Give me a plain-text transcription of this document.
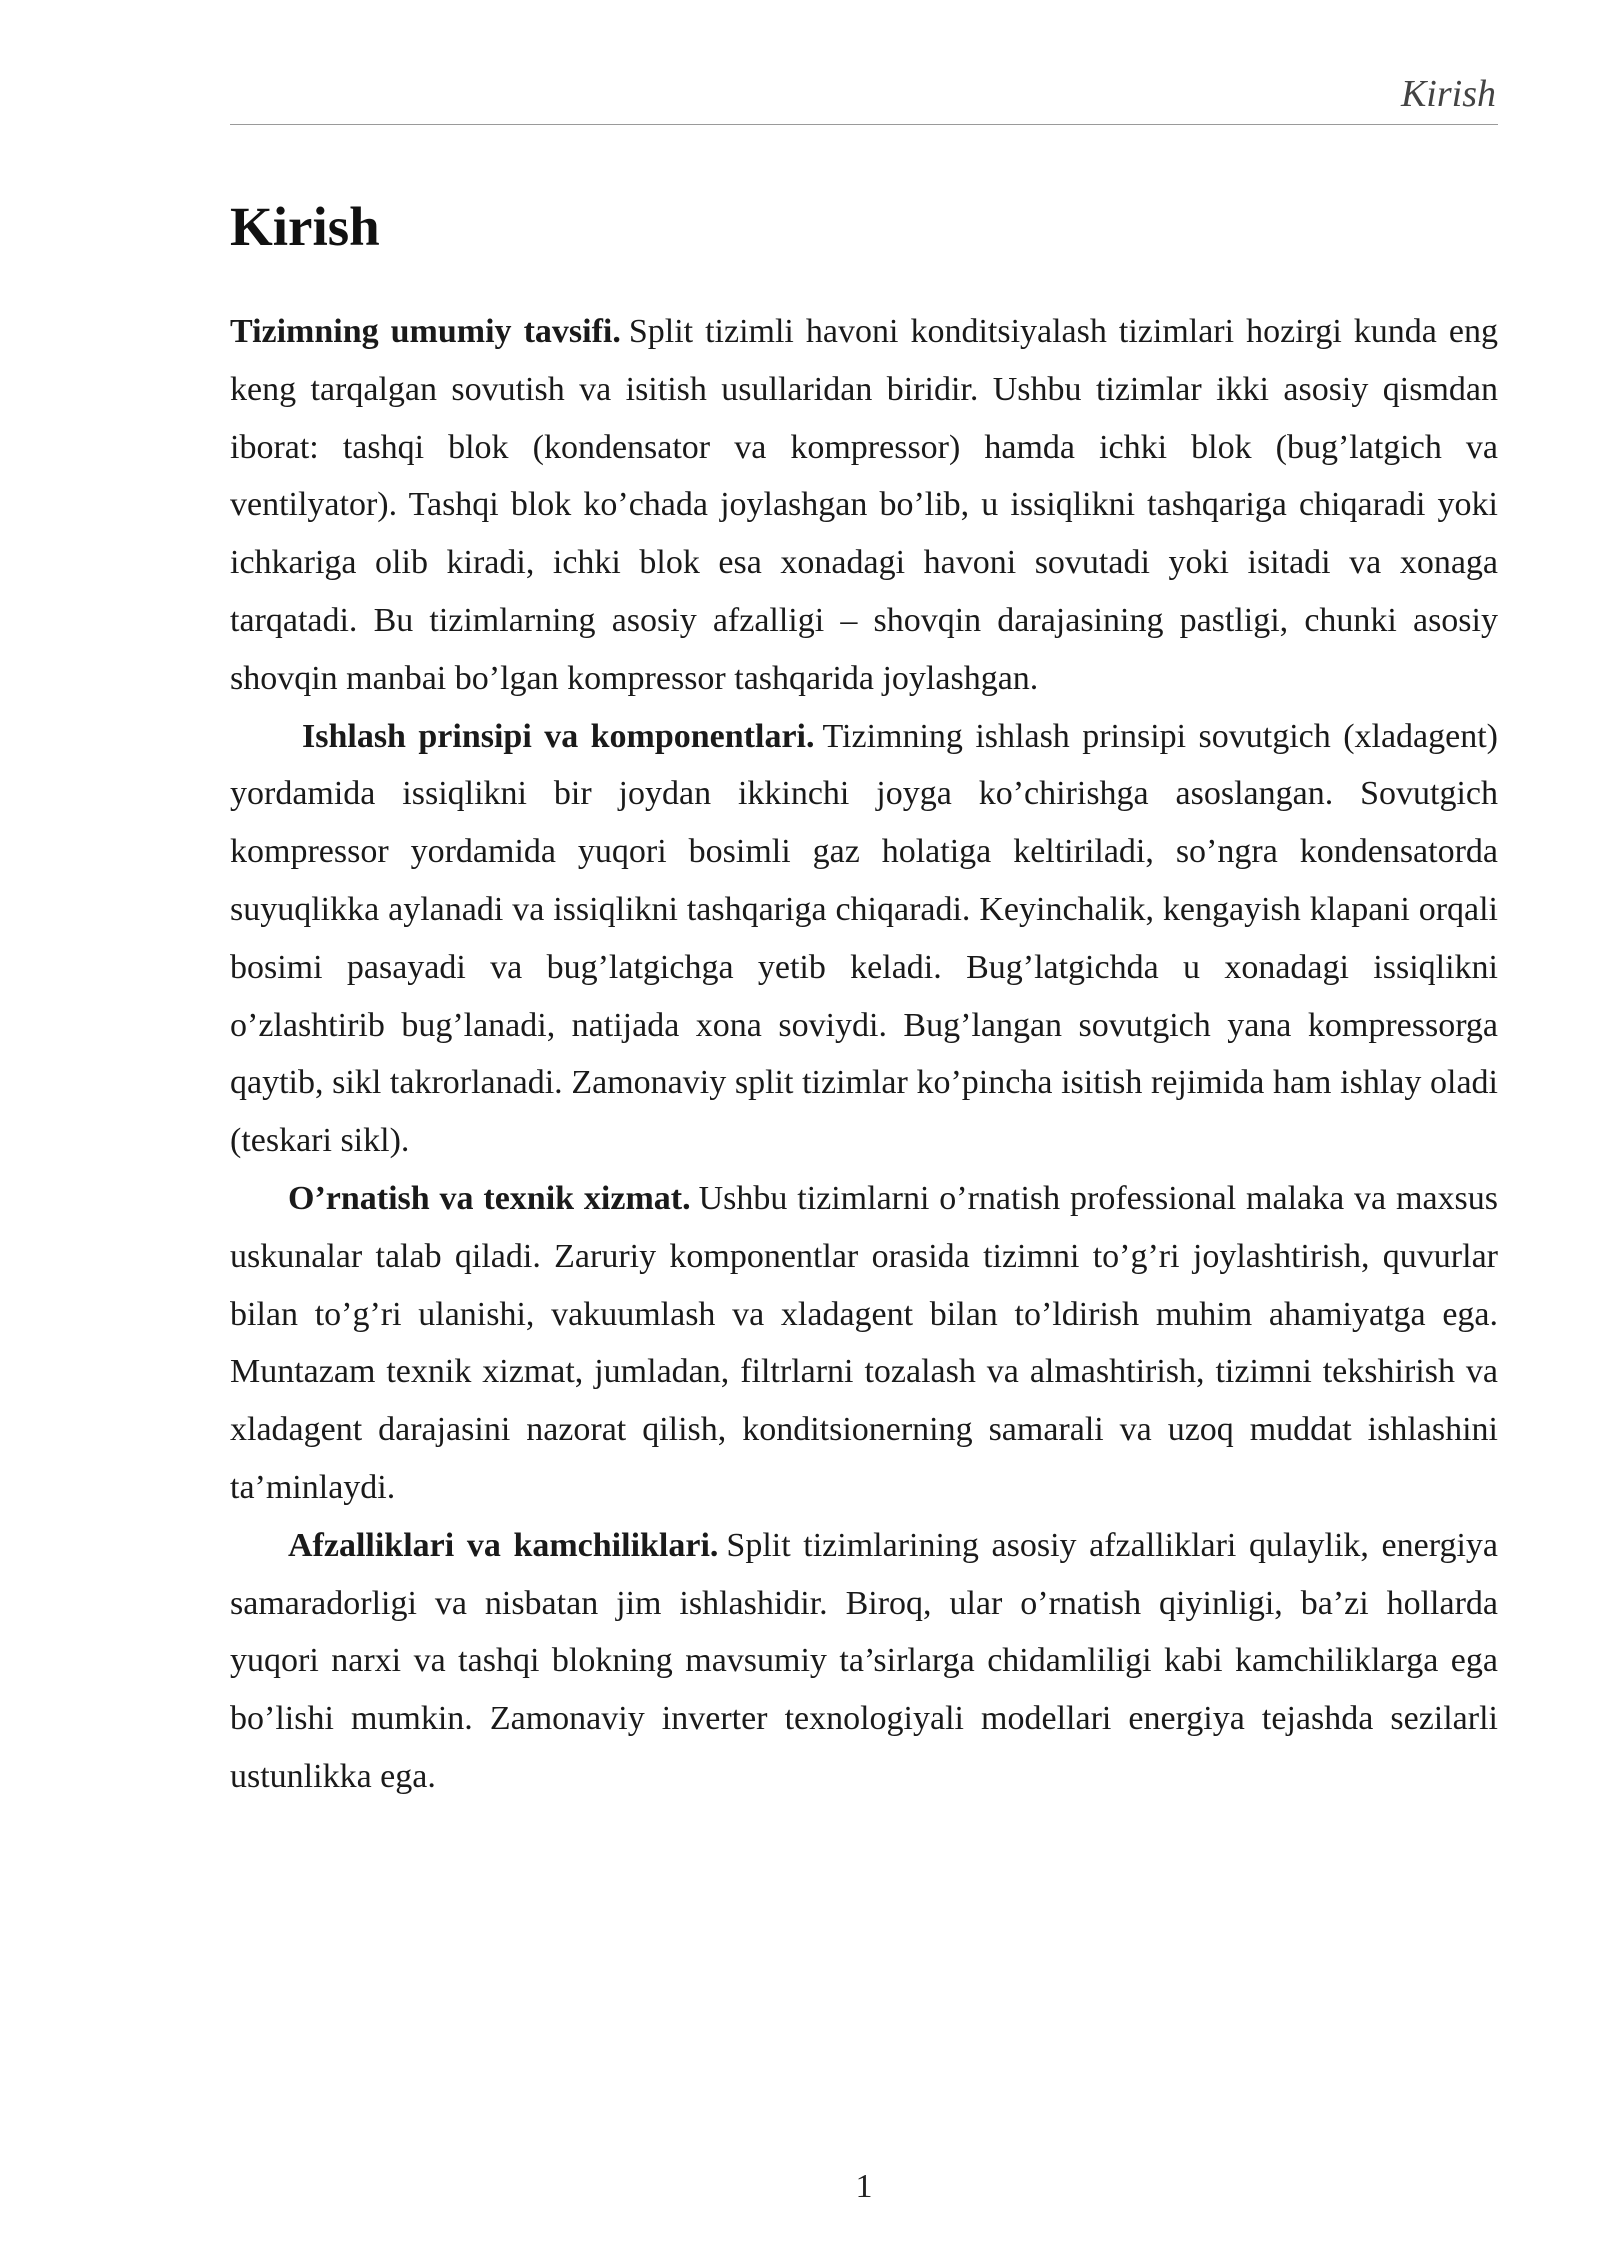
Kirish
Kirish

Tizimning umumiy tavsifi. Split tizimli havoni konditsiyalash tizimlari hozirgi kunda eng keng tarqalgan sovutish va isitish usullaridan biridir. Ushbu tizimlar ikki asosiy qismdan iborat: tashqi blok (kondensator va kompressor) hamda ichki blok (bug’latgich va ventilyator). Tashqi blok ko’chada joylashgan bo’lib, u issiqlikni tashqariga chiqaradi yoki ichkariga olib kiradi, ichki blok esa xonadagi havoni sovutadi yoki isitadi va xonaga tarqatadi. Bu tizimlarning asosiy afzalligi – shovqin darajasining pastligi, chunki asosiy shovqin manbai bo’lgan kompressor tashqarida joylashgan.

Ishlash prinsipi va komponentlari. Tizimning ishlash prinsipi sovutgich (xladagent) yordamida issiqlikni bir joydan ikkinchi joyga ko’chirishga asoslangan. Sovutgich kompressor yordamida yuqori bosimli gaz holatiga keltiriladi, so’ngra kondensatorda suyuqlikka aylanadi va issiqlikni tashqariga chiqaradi. Keyinchalik, kengayish klapani orqali bosimi pasayadi va bug’latgichga yetib keladi. Bug’latgichda u xonadagi issiqlikni o’zlashtirib bug’lanadi, natijada xona soviydi. Bug’langan sovutgich yana kompressorga qaytib, sikl takrorlanadi. Zamonaviy split tizimlar ko’pincha isitish rejimida ham ishlay oladi (teskari sikl).

O’rnatish va texnik xizmat. Ushbu tizimlarni o’rnatish professional malaka va maxsus uskunalar talab qiladi. Zaruriy komponentlar orasida tizimni to’g’ri joylashtirish, quvurlar bilan to’g’ri ulanishi, vakuumlash va xladagent bilan to’ldirish muhim ahamiyatga ega. Muntazam texnik xizmat, jumladan, filtrlarni tozalash va almashtirish, tizimni tekshirish va xladagent darajasini nazorat qilish, konditsionerning samarali va uzoq muddat ishlashini ta’minlaydi.

Afzalliklari va kamchiliklari. Split tizimlarining asosiy afzalliklari qulaylik, energiya samaradorligi va nisbatan jim ishlashidir. Biroq, ular o’rnatish qiyinligi, ba’zi hollarda yuqori narxi va tashqi blokning mavsumiy ta’sirlarga chidamliligi kabi kamchiliklarga ega bo’lishi mumkin. Zamonaviy inverter texnologiyali modellari energiya tejashda sezilarli ustunlikka ega.

1
